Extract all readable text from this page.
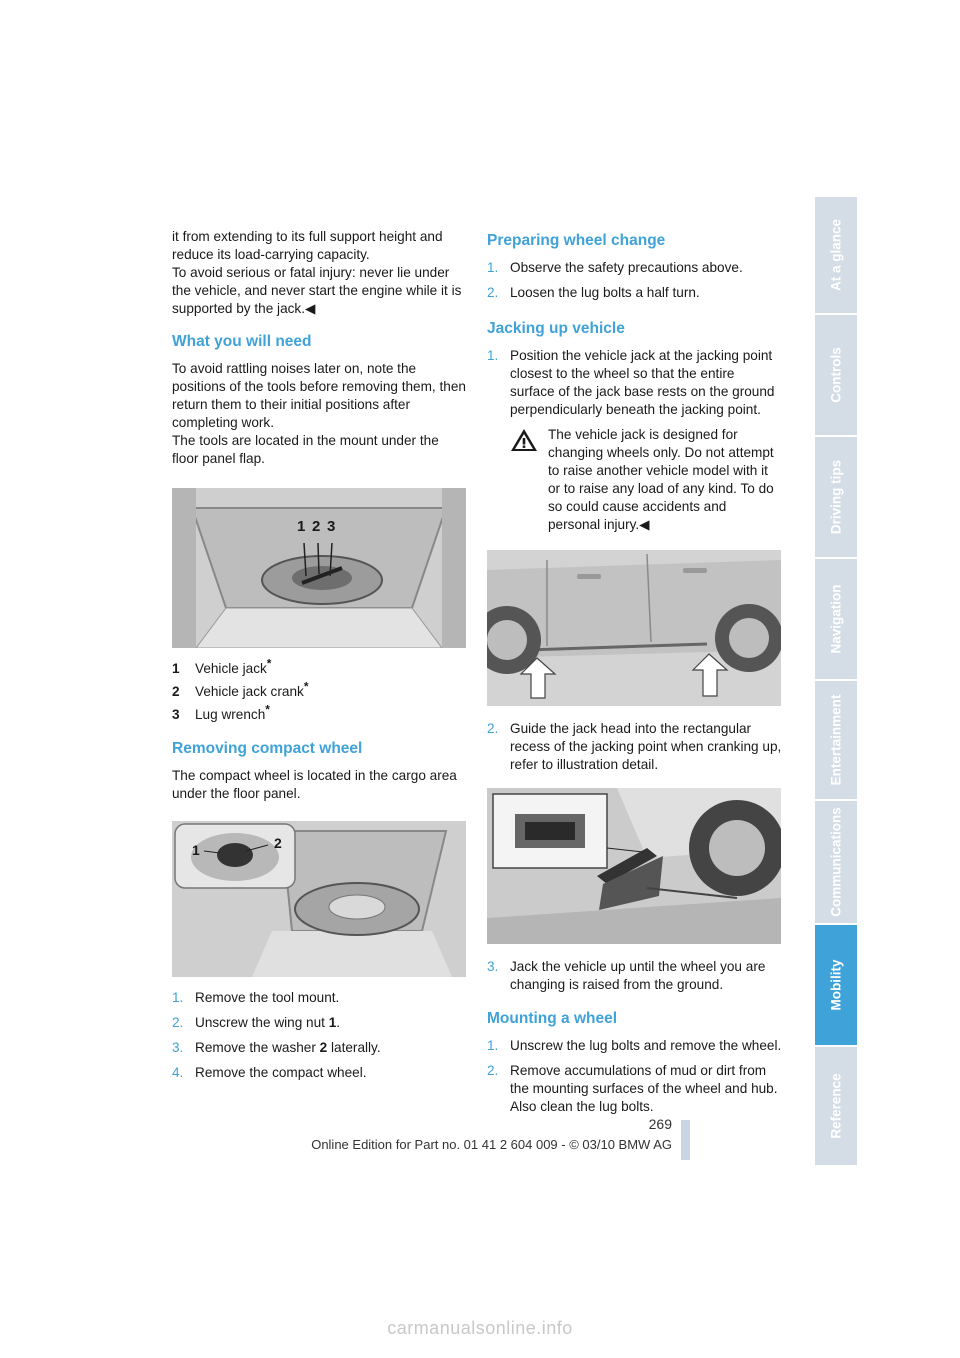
it from extending to its full support height and reduce its load-carrying capacity.

To avoid serious or fatal injury: never lie under the vehicle, and never start the engine while it is supported by the jack.◀

What you will need

To avoid rattling noises later on, note the positions of the tools before removing them, then return them to their initial positions after completing work.

The tools are located in the mount under the floor panel flap.

1 2 3
1	Vehicle jack*
2	Vehicle jack crank*
3	Lug wrench*
Removing compact wheel

The compact wheel is located in the cargo area under the floor panel.

1	2
1. Remove the tool mount.
2. Unscrew the wing nut 1.
3. Remove the washer 2 laterally.
4. Remove the compact wheel.
Preparing wheel change
1. Observe the safety precautions above.
2. Loosen the lug bolts a half turn.
Jacking up vehicle
1. Position the vehicle jack at the jacking point closest to the wheel so that the entire surface of the jack base rests on the ground perpendicularly beneath the jacking point.

The vehicle jack is designed for changing wheels only. Do not attempt to raise another vehicle model with it or to raise any load of any kind. To do so could cause accidents and personal injury.◀

2. Guide the jack head into the rectangular recess of the jacking point when cranking up, refer to illustration detail.
3. Jack the vehicle up until the wheel you are changing is raised from the ground.
Mounting a wheel
1. Unscrew the lug bolts and remove the wheel.
2. Remove accumulations of mud or dirt from the mounting surfaces of the wheel and hub. Also clean the lug bolts.
At a glance
Controls
Driving tips
Navigation
Entertainment
Communications
Mobility
Reference
269
Online Edition for Part no. 01 41 2 604 009 - © 03/10 BMW AG
carmanualsonline.info
